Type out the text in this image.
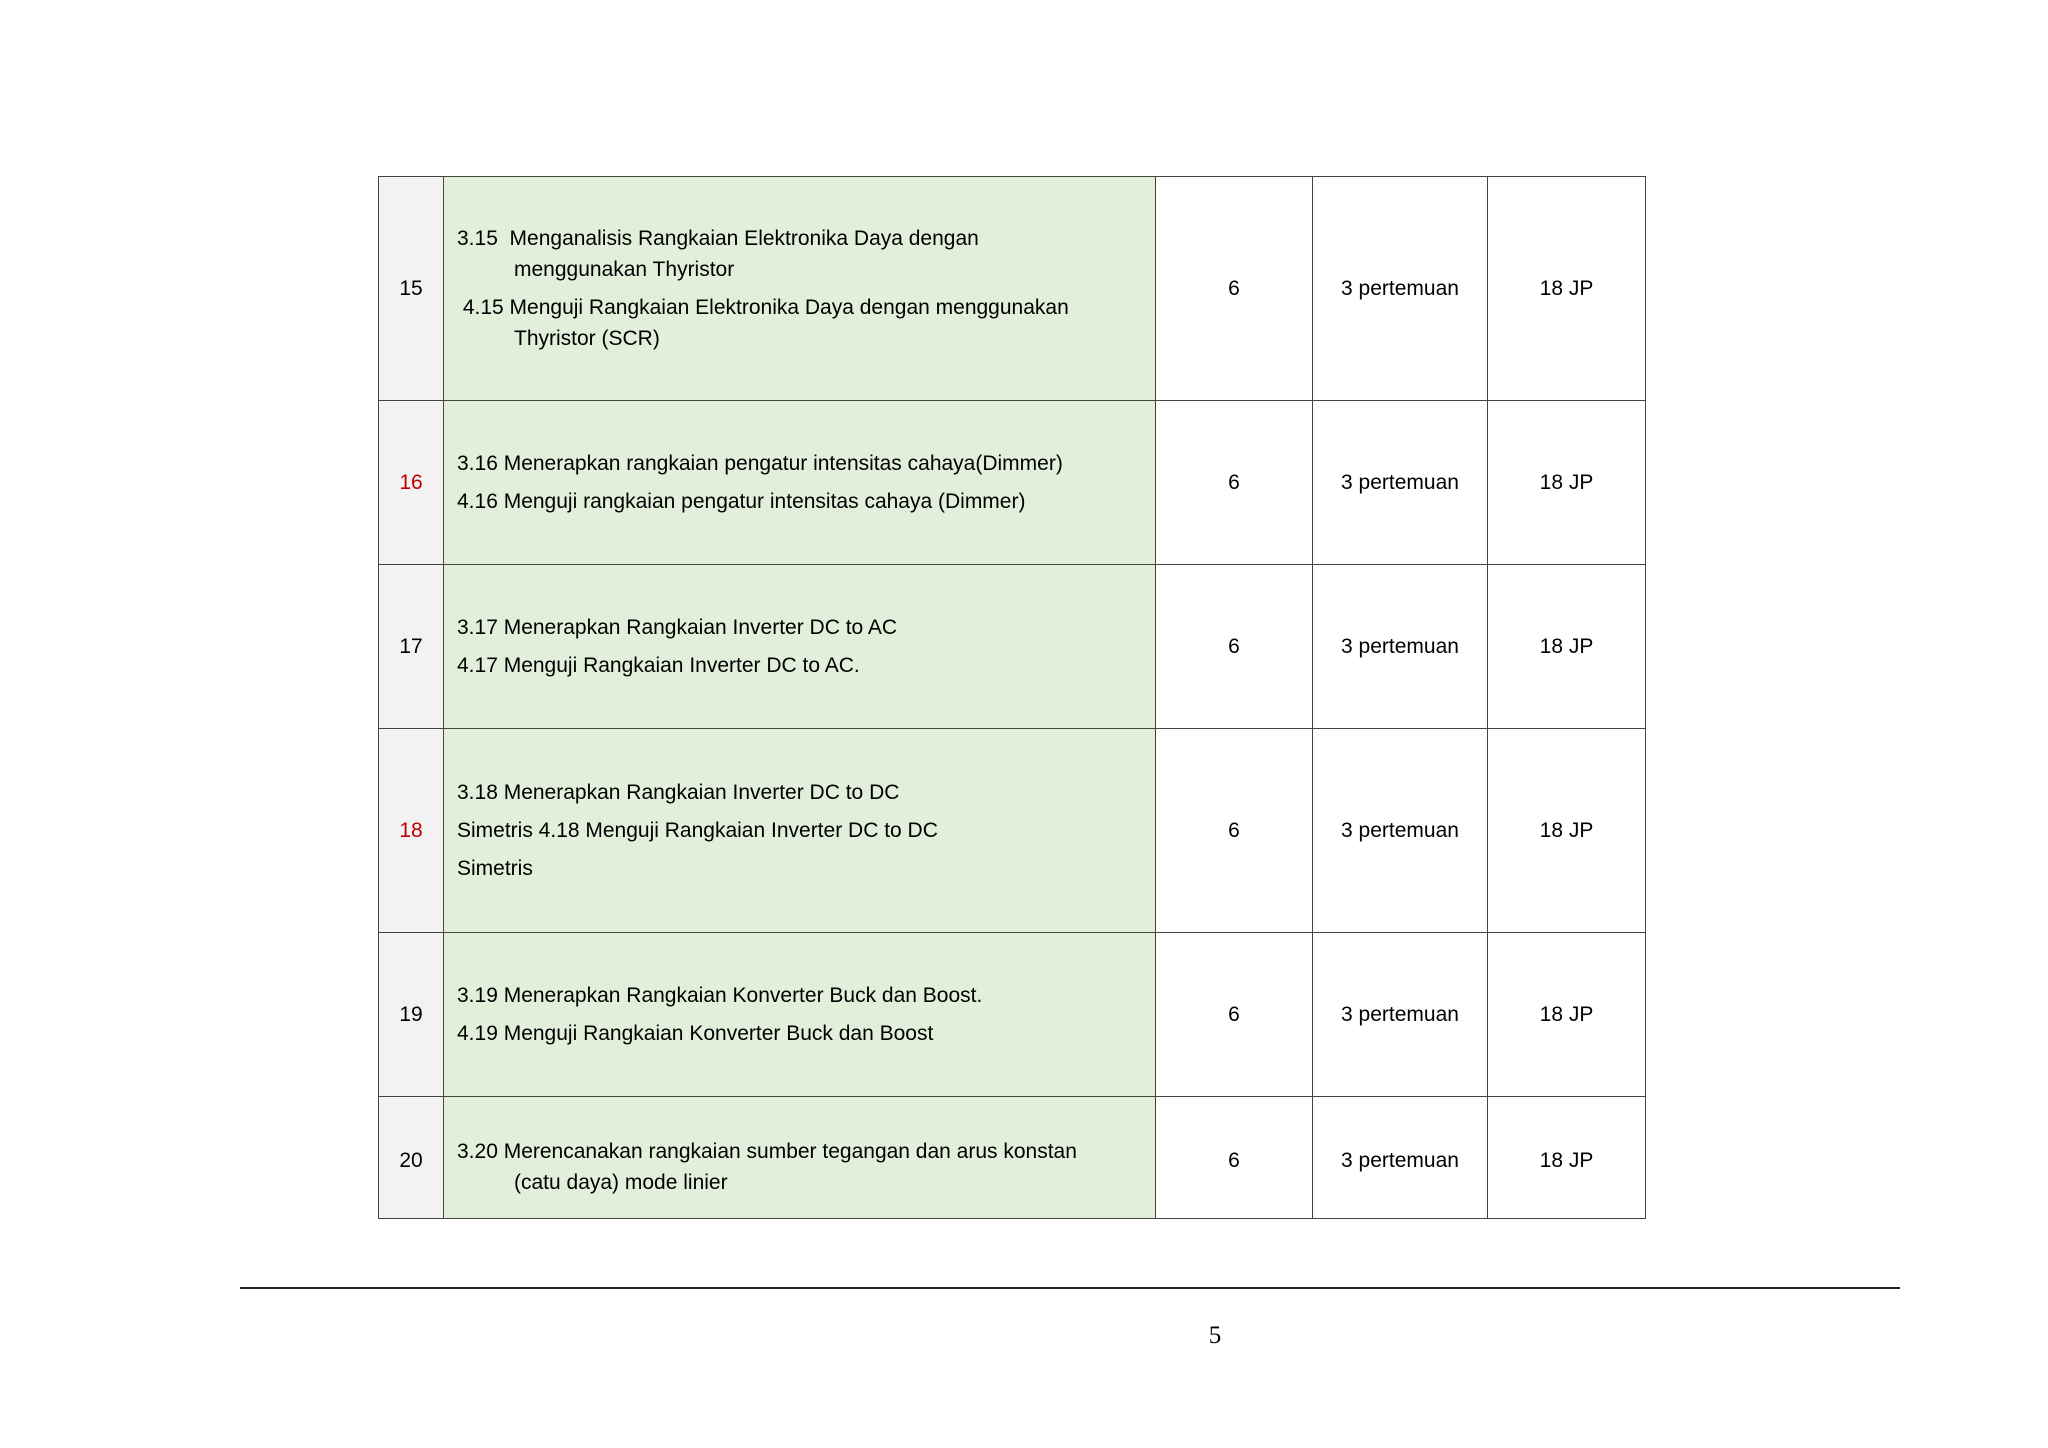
15	3.15  Menganalisis Rangkaian Elektronika Daya dengan
menggunakan Thyristor
4.15 Menguji Rangkaian Elektronika Daya dengan menggunakan
Thyristor (SCR)	6	3 pertemuan	18 JP
16	3.16 Menerapkan rangkaian pengatur intensitas cahaya(Dimmer)
4.16 Menguji rangkaian pengatur intensitas cahaya (Dimmer)	6	3 pertemuan	18 JP
17	3.17 Menerapkan Rangkaian Inverter DC to AC
4.17 Menguji Rangkaian Inverter DC to AC.	6	3 pertemuan	18 JP
18	3.18 Menerapkan Rangkaian Inverter DC to DC
Simetris 4.18 Menguji Rangkaian Inverter DC to DC
Simetris	6	3 pertemuan	18 JP
19	3.19 Menerapkan Rangkaian Konverter Buck dan Boost.
4.19 Menguji Rangkaian Konverter Buck dan Boost	6	3 pertemuan	18 JP
20	3.20 Merencanakan rangkaian sumber tegangan dan arus konstan
(catu daya) mode linier	6	3 pertemuan	18 JP
5
